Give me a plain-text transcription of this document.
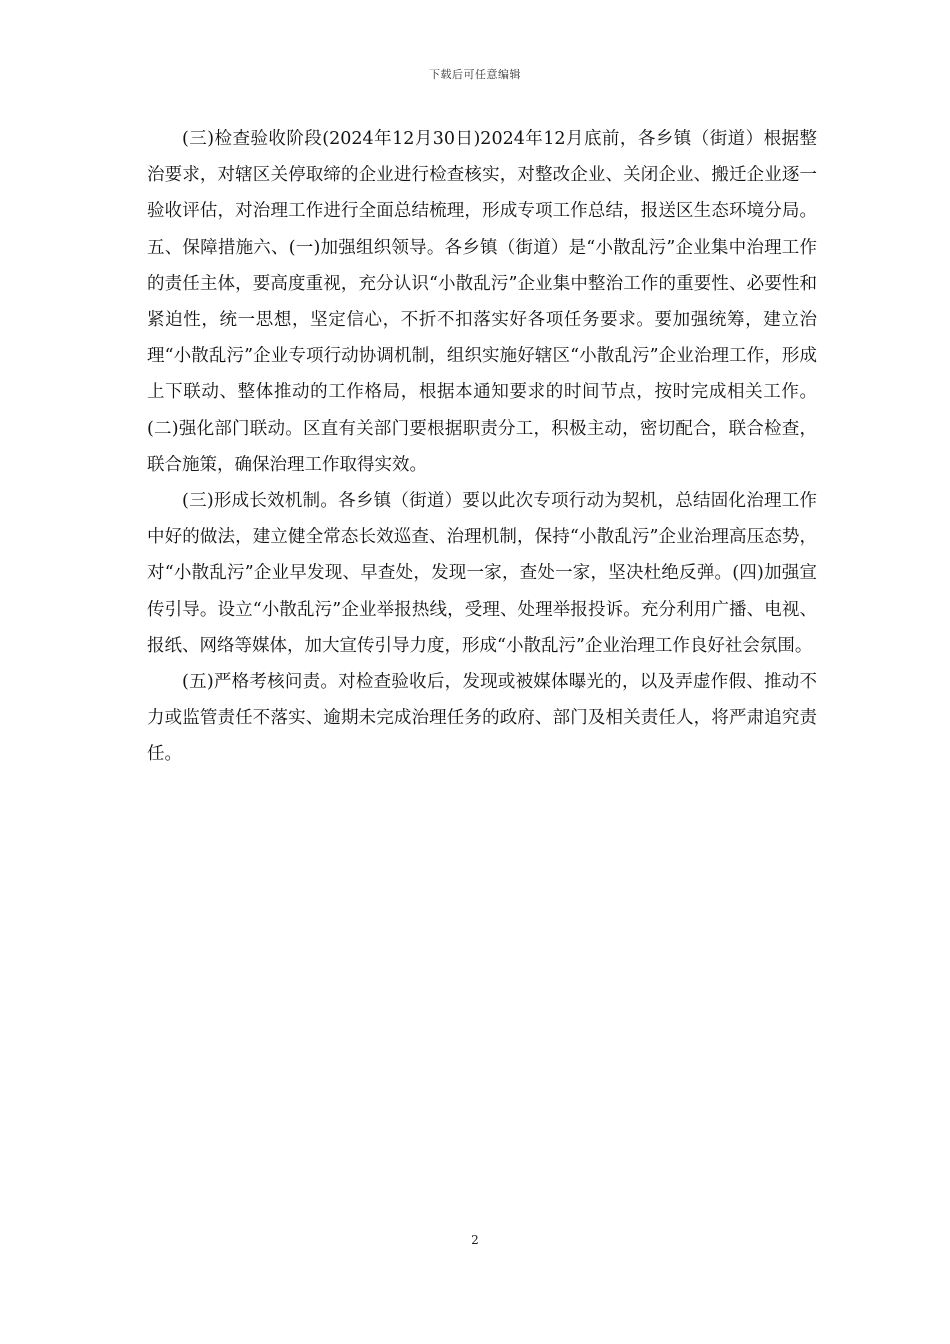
下载后可任意编辑

(三)检查验收阶段(2024年12月30日)2024年12月底前，各乡镇（街道）根据整治要求，对辖区关停取缔的企业进行检查核实，对整改企业、关闭企业、搬迁企业逐一验收评估，对治理工作进行全面总结梳理，形成专项工作总结，报送区生态环境分局。五、保障措施六、(一)加强组织领导。各乡镇（街道）是“小散乱污”企业集中治理工作的责任主体，要高度重视，充分认识“小散乱污”企业集中整治工作的重要性、必要性和紧迫性，统一思想，坚定信心，不折不扣落实好各项任务要求。要加强统筹，建立治理“小散乱污”企业专项行动协调机制，组织实施好辖区“小散乱污”企业治理工作，形成上下联动、整体推动的工作格局，根据本通知要求的时间节点，按时完成相关工作。(二)强化部门联动。区直有关部门要根据职责分工，积极主动，密切配合，联合检查，联合施策，确保治理工作取得实效。

(三)形成长效机制。各乡镇（街道）要以此次专项行动为契机，总结固化治理工作中好的做法，建立健全常态长效巡查、治理机制，保持“小散乱污”企业治理高压态势，对“小散乱污”企业早发现、早查处，发现一家，查处一家，坚决杜绝反弹。(四)加强宣传引导。设立“小散乱污”企业举报热线，受理、处理举报投诉。充分利用广播、电视、报纸、网络等媒体，加大宣传引导力度，形成“小散乱污”企业治理工作良好社会氛围。

(五)严格考核问责。对检查验收后，发现或被媒体曝光的，以及弄虚作假、推动不力或监管责任不落实、逾期未完成治理任务的政府、部门及相关责任人，将严肃追究责任。

2
